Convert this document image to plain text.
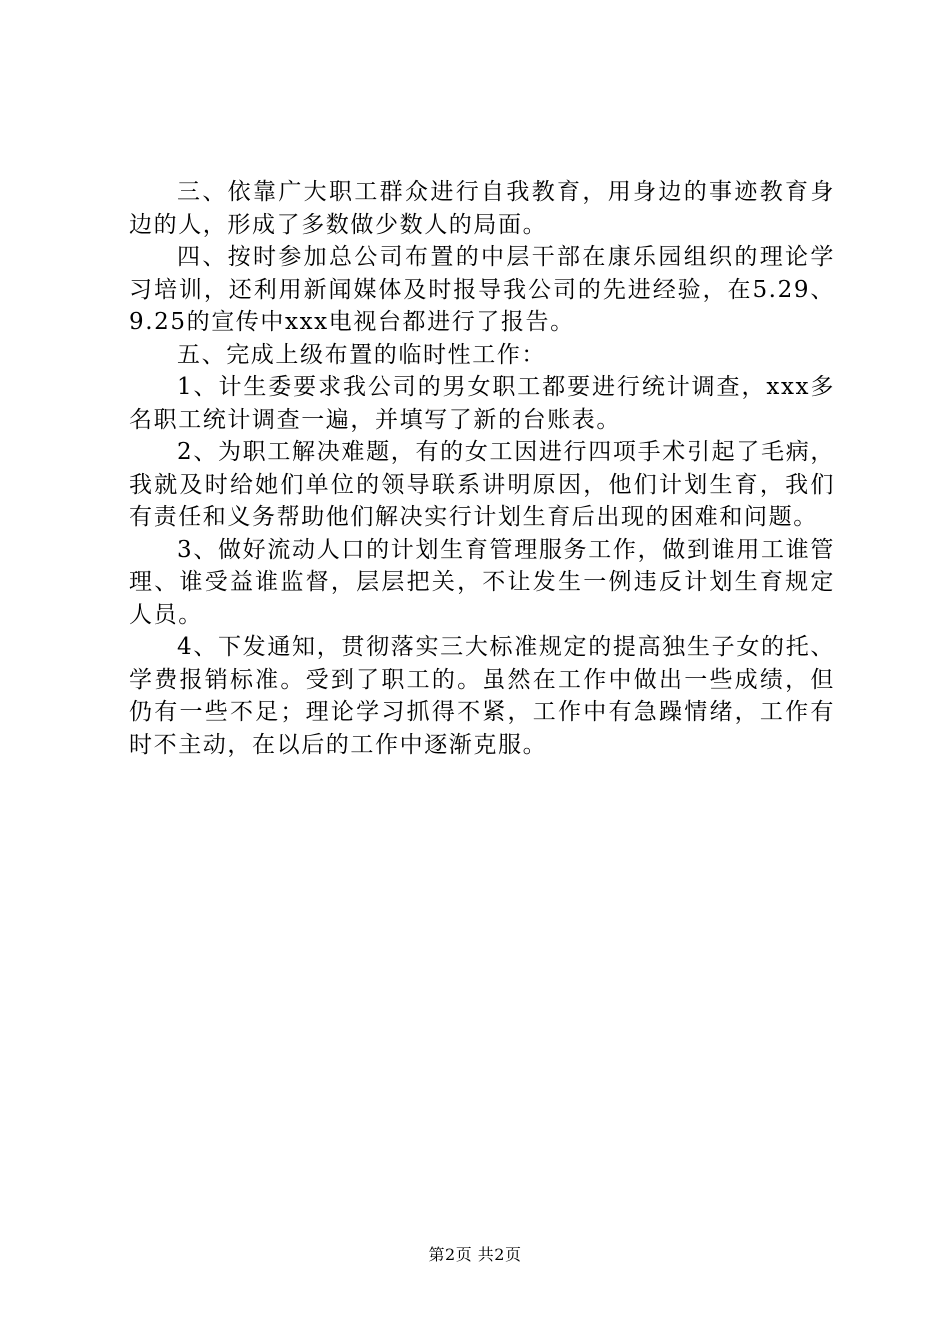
三、依靠广大职工群众进行自我教育，用身边的事迹教育身边的人，形成了多数做少数人的局面。

四、按时参加总公司布置的中层干部在康乐园组织的理论学习培训，还利用新闻媒体及时报导我公司的先进经验，在5.29、9.25的宣传中xxx电视台都进行了报告。

五、完成上级布置的临时性工作：

1、计生委要求我公司的男女职工都要进行统计调查，xxx多名职工统计调查一遍，并填写了新的台账表。

2、为职工解决难题，有的女工因进行四项手术引起了毛病，我就及时给她们单位的领导联系讲明原因，他们计划生育，我们有责任和义务帮助他们解决实行计划生育后出现的困难和问题。

3、做好流动人口的计划生育管理服务工作，做到谁用工谁管理、谁受益谁监督，层层把关，不让发生一例违反计划生育规定人员。

4、下发通知，贯彻落实三大标准规定的提高独生子女的托、学费报销标准。受到了职工的。虽然在工作中做出一些成绩，但仍有一些不足；理论学习抓得不紧，工作中有急躁情绪，工作有时不主动，在以后的工作中逐渐克服。

第2页 共2页
